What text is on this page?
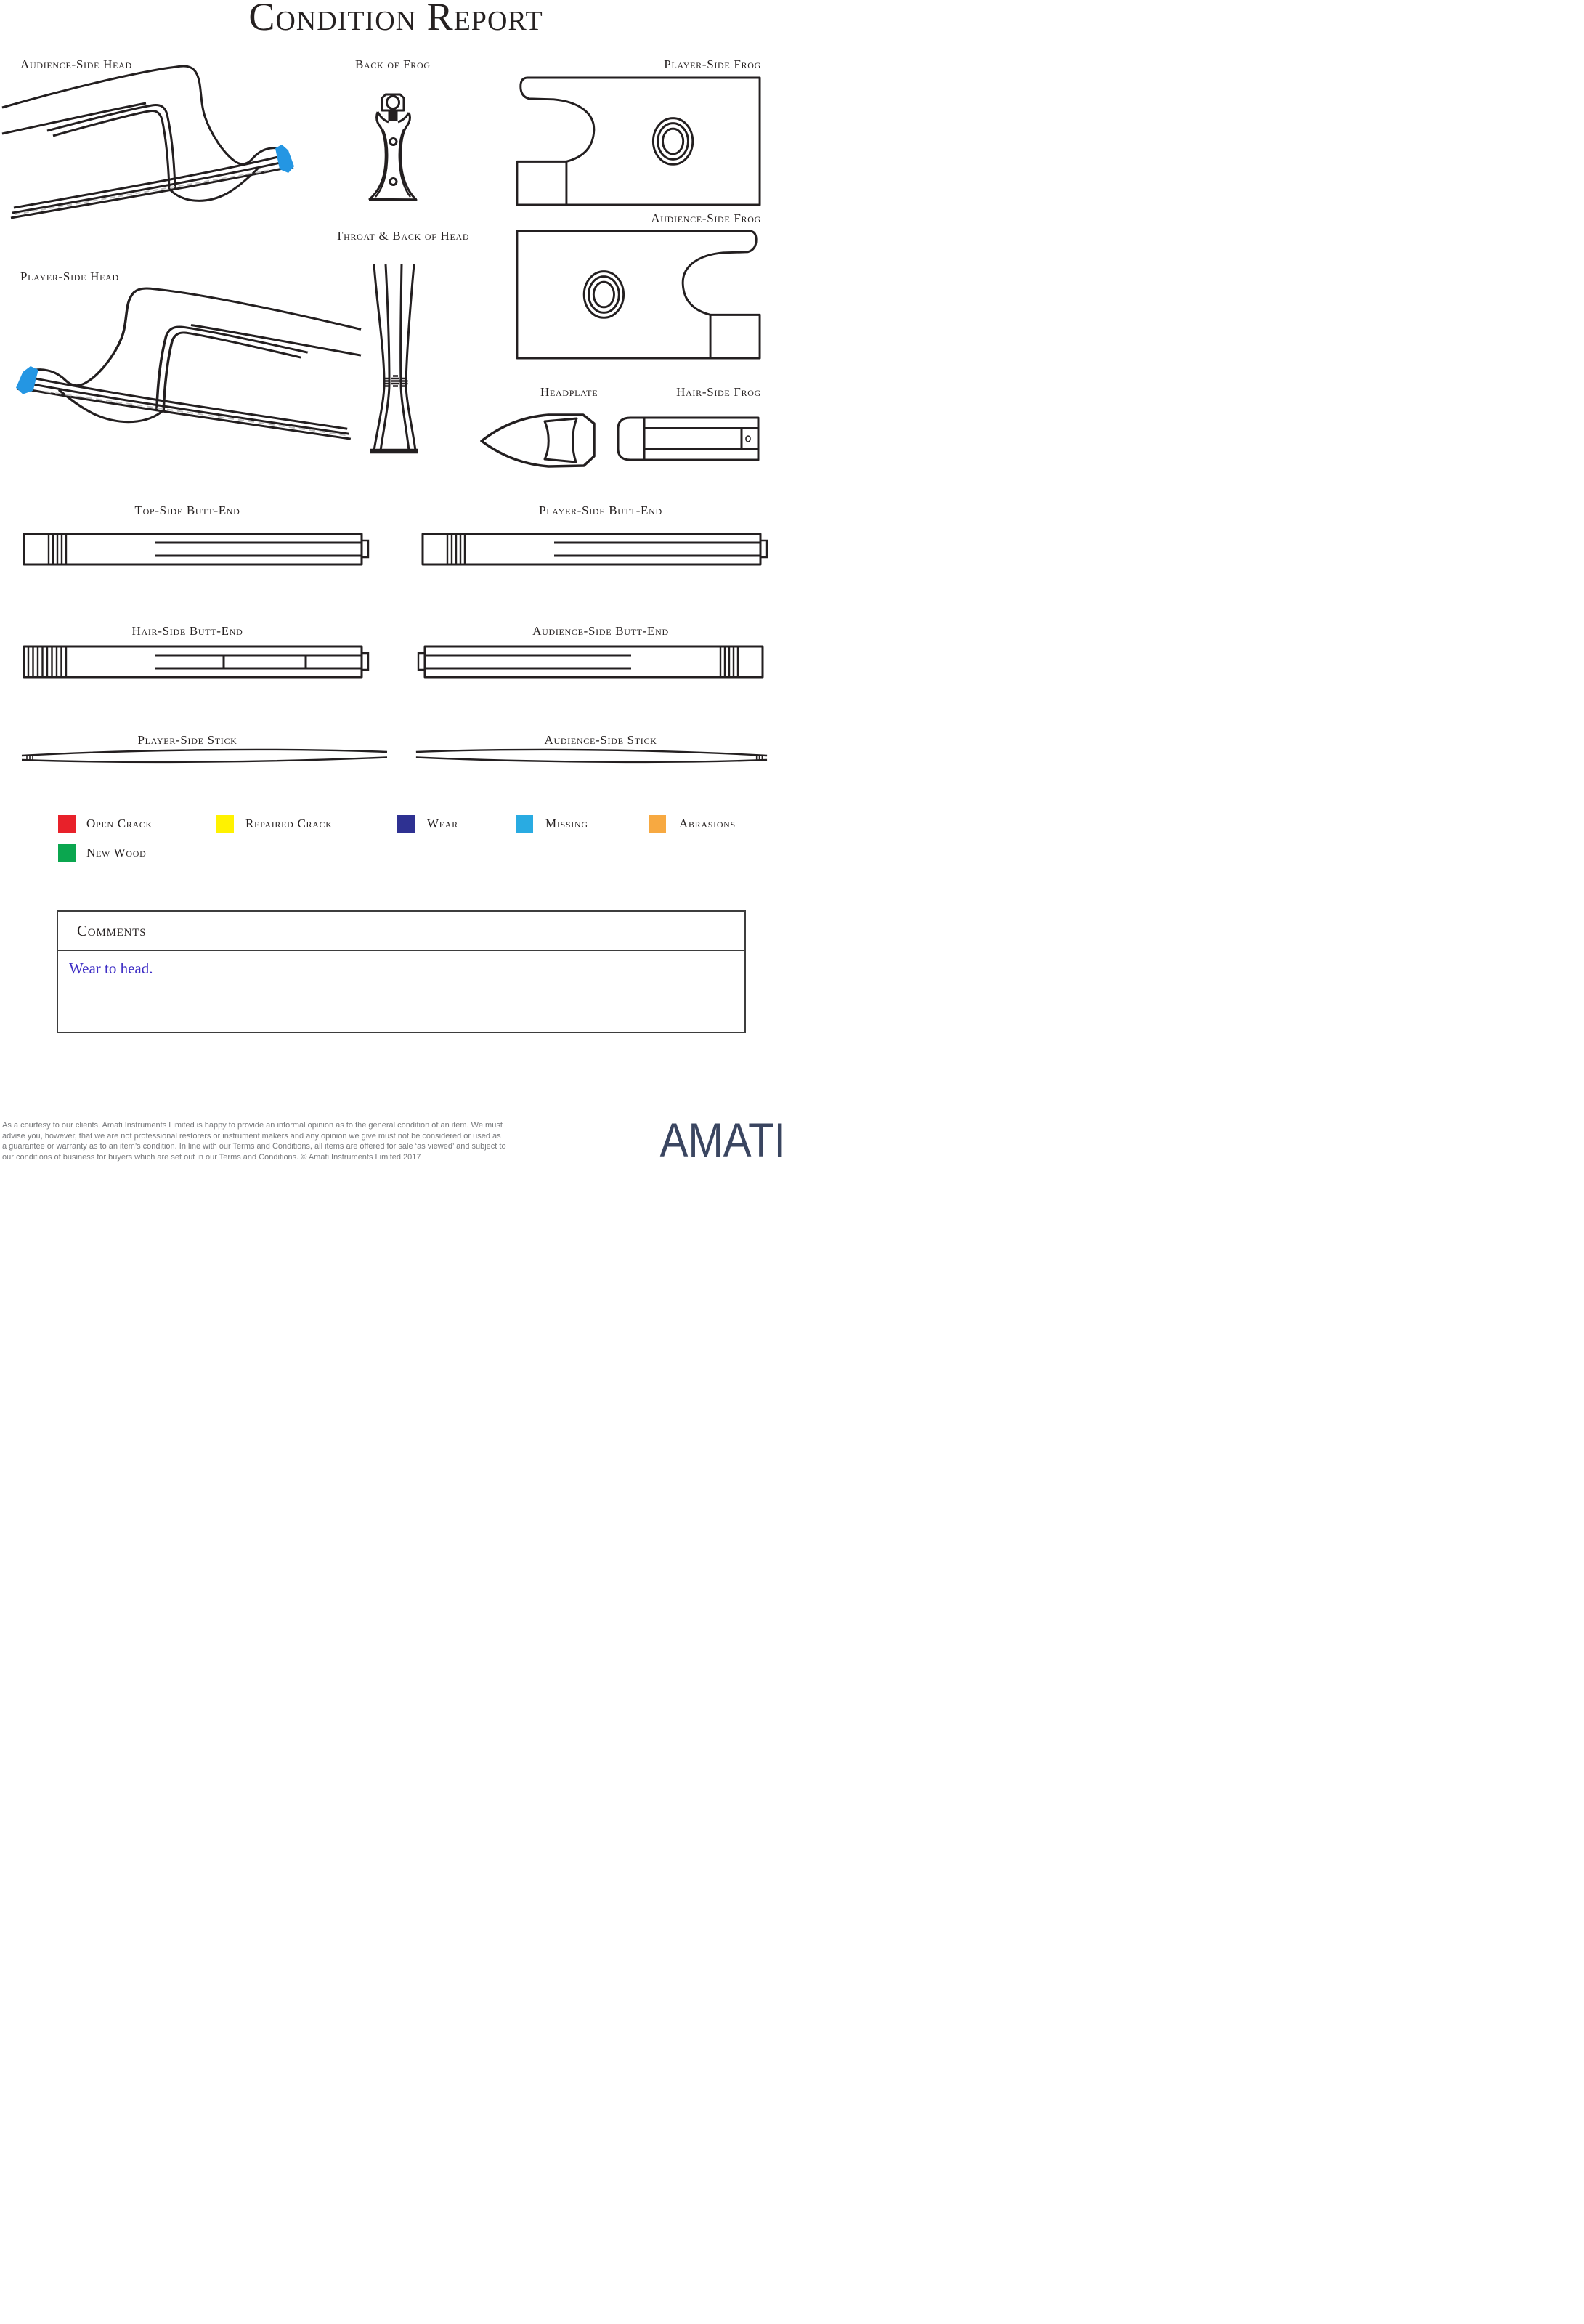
Condition Report
Audience-Side Head	Back of Frog	Player-Side Frog
Audience-Side Frog
Player-Side Head
Throat & Back of Head
Headplate	Hair-Side Frog
Top-Side Butt-End	Player-Side Butt-End
Hair-Side Butt-End	Audience-Side Butt-End
Player-Side Stick	Audience-Side Stick
Open Crack	Repaired Crack	Wear	Missing	Abrasions
New Wood
Comments
Wear to head.
As a courtesy to our clients, Amati Instruments Limited is happy to provide an informal opinion as to the general condition of an item. We must
advise you, however, that we are not professional restorers or instrument makers and any opinion we give must not be considered or used as
a guarantee or warranty as to an item’s condition. In line with our Terms and Conditions, all items are offered for sale ‘as viewed’ and subject to
our conditions of business for buyers which are set out in our Terms and Conditions. © Amati Instruments Limited 2017	AMATI
